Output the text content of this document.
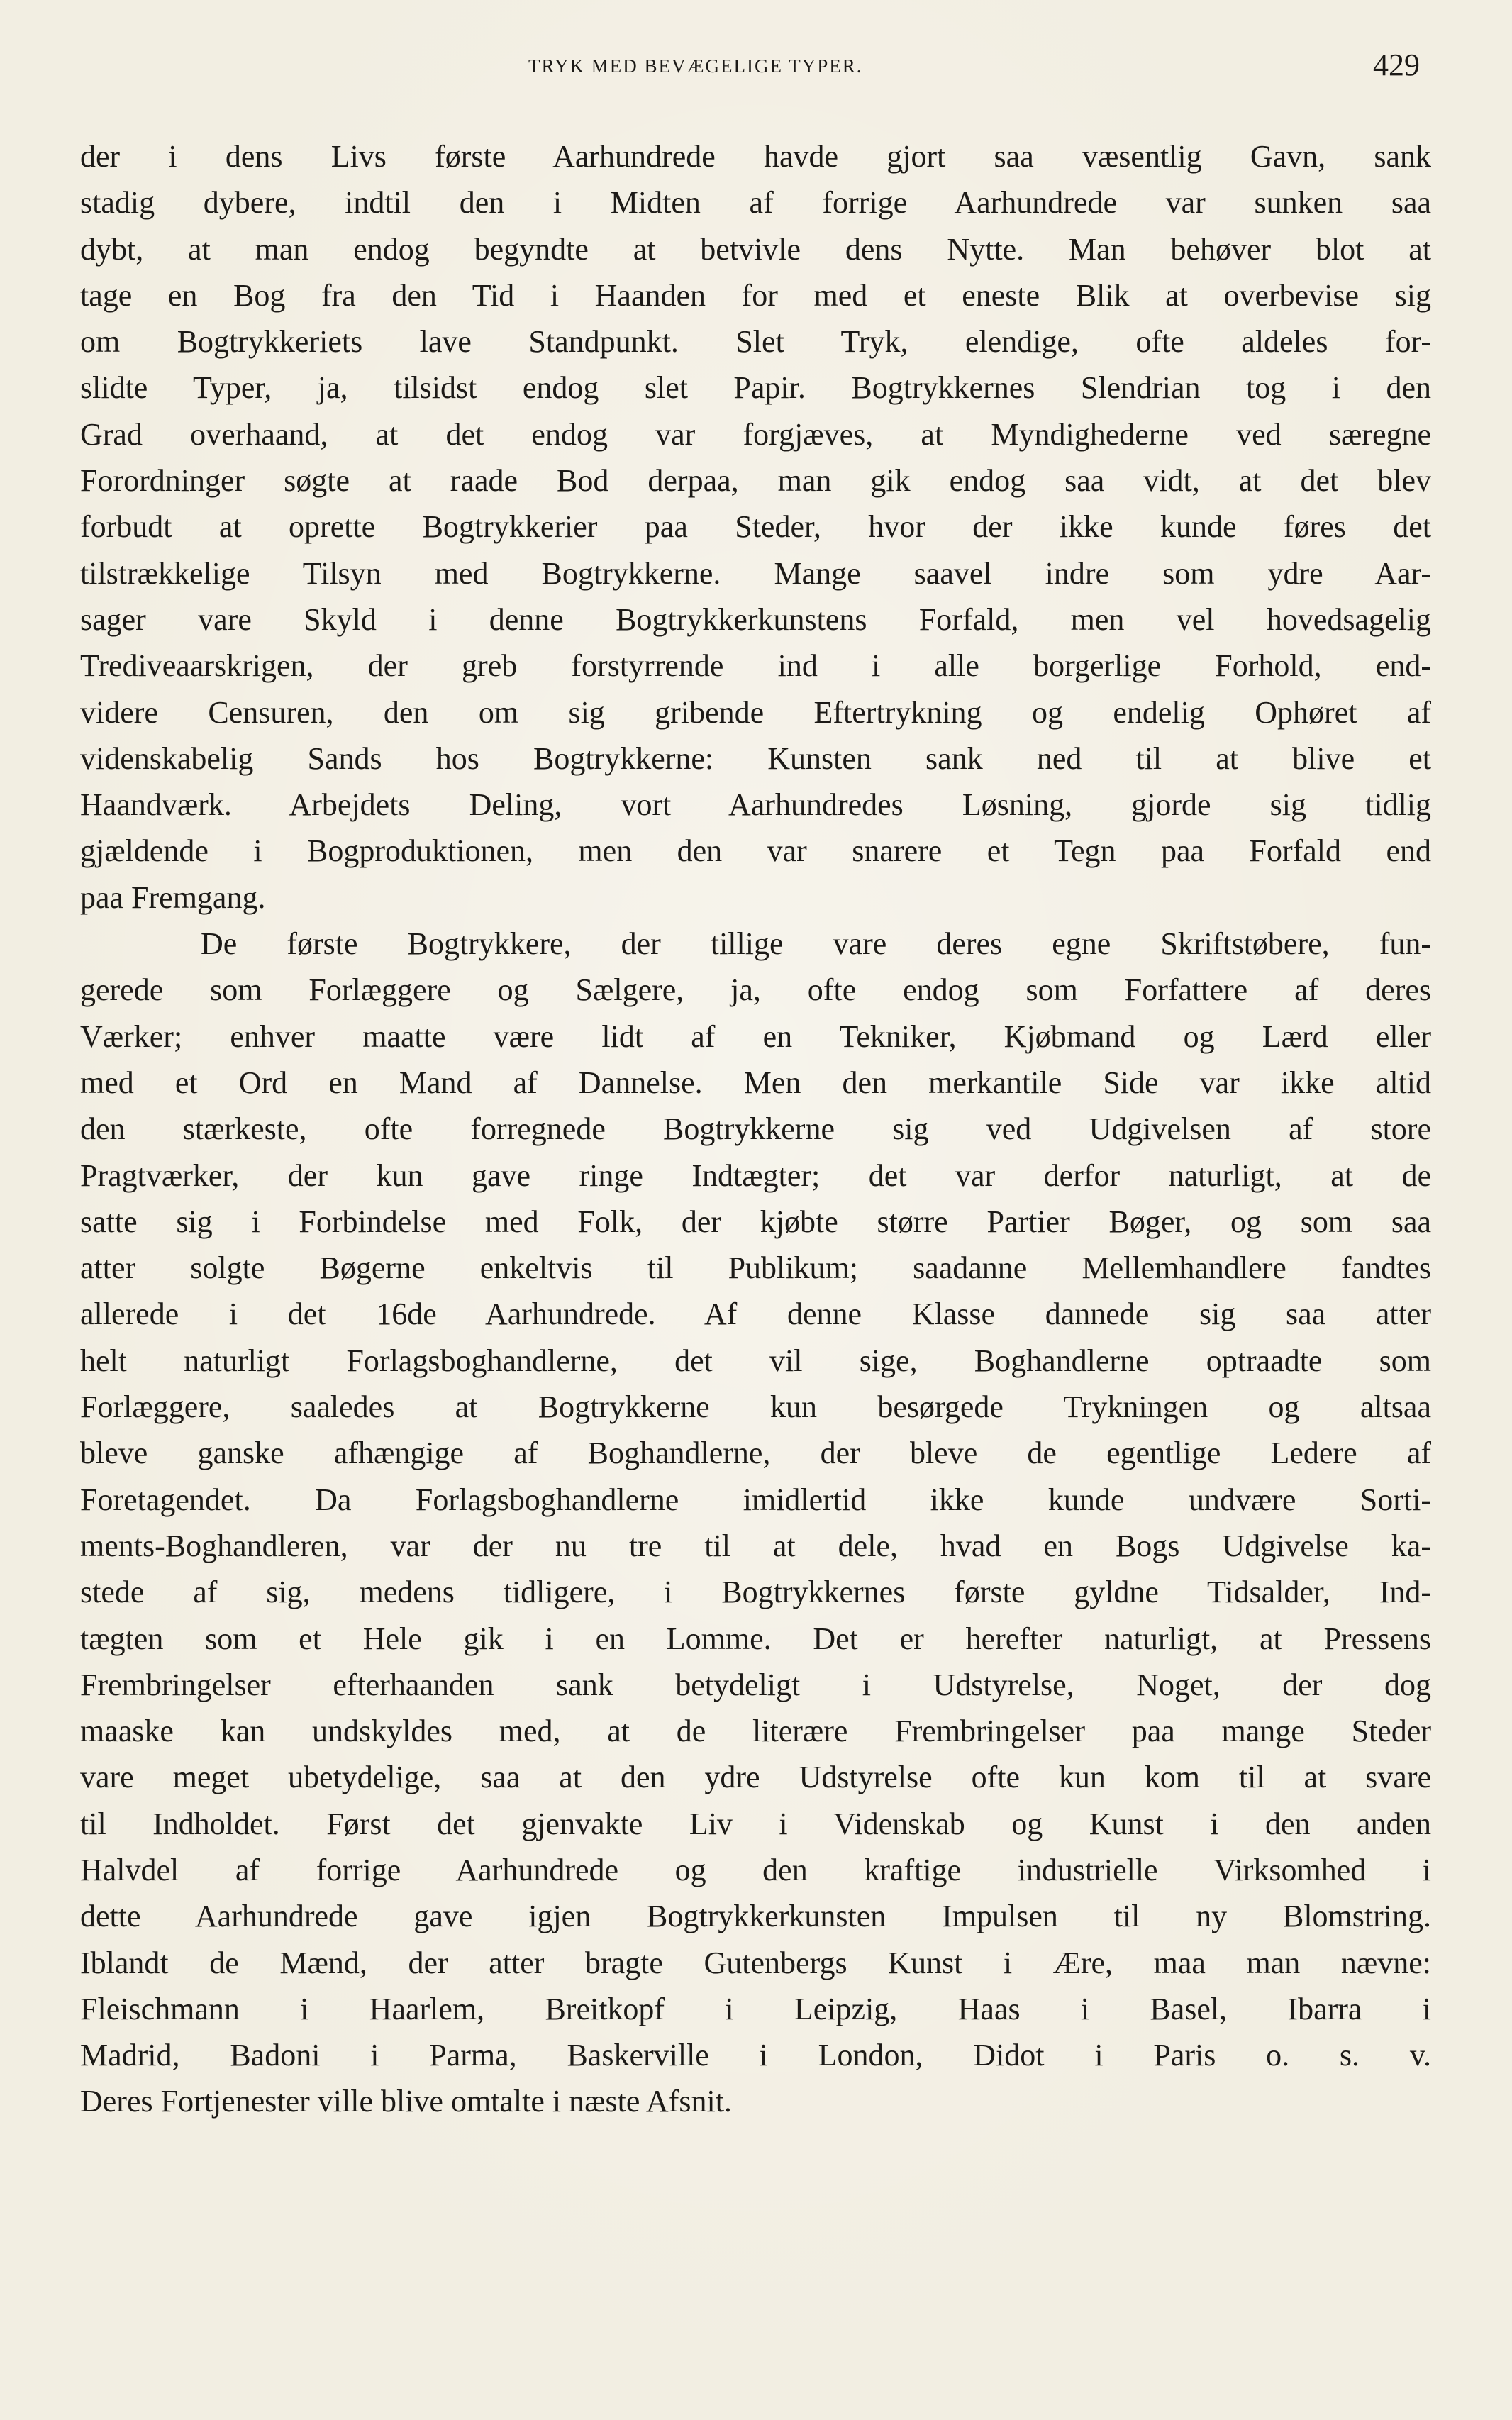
TRYK MED BEVÆGELIGE TYPER.	429
der i dens Livs første Aarhundrede havde gjort saa væsentlig Gavn, sank
stadig dybere, indtil den i Midten af forrige Aarhundrede var sunken saa
dybt, at man endog begyndte at betvivle dens Nytte. Man behøver blot at
tage en Bog fra den Tid i Haanden for med et eneste Blik at overbevise sig
om Bogtrykkeriets lave Standpunkt. Slet Tryk, elendige, ofte aldeles for-
slidte Typer, ja, tilsidst endog slet Papir. Bogtrykkernes Slendrian tog i den
Grad overhaand, at det endog var forgjæves, at Myndighederne ved særegne
Forordninger søgte at raade Bod derpaa, man gik endog saa vidt, at det blev
forbudt at oprette Bogtrykkerier paa Steder, hvor der ikke kunde føres det
tilstrækkelige Tilsyn med Bogtrykkerne. Mange saavel indre som ydre Aar-
sager vare Skyld i denne Bogtrykkerkunstens Forfald, men vel hovedsagelig
Trediveaarskrigen, der greb forstyrrende ind i alle borgerlige Forhold, end-
videre Censuren, den om sig gribende Eftertrykning og endelig Ophøret af
videnskabelig Sands hos Bogtrykkerne: Kunsten sank ned til at blive et
Haandværk. Arbejdets Deling, vort Aarhundredes Løsning, gjorde sig tidlig
gjældende i Bogproduktionen, men den var snarere et Tegn paa Forfald end
paa Fremgang.
De første Bogtrykkere, der tillige vare deres egne Skriftstøbere, fun-
gerede som Forlæggere og Sælgere, ja, ofte endog som Forfattere af deres
Værker; enhver maatte være lidt af en Tekniker, Kjøbmand og Lærd eller
med et Ord en Mand af Dannelse. Men den merkantile Side var ikke altid
den stærkeste, ofte forregnede Bogtrykkerne sig ved Udgivelsen af store
Pragtværker, der kun gave ringe Indtægter; det var derfor naturligt, at de
satte sig i Forbindelse med Folk, der kjøbte større Partier Bøger, og som saa
atter solgte Bøgerne enkeltvis til Publikum; saadanne Mellemhandlere fandtes
allerede i det 16de Aarhundrede. Af denne Klasse dannede sig saa atter
helt naturligt Forlagsboghandlerne, det vil sige, Boghandlerne optraadte som
Forlæggere, saaledes at Bogtrykkerne kun besørgede Trykningen og altsaa
bleve ganske afhængige af Boghandlerne, der bleve de egentlige Ledere af
Foretagendet. Da Forlagsboghandlerne imidlertid ikke kunde undvære Sorti-
ments-Boghandleren, var der nu tre til at dele, hvad en Bogs Udgivelse ka-
stede af sig, medens tidligere, i Bogtrykkernes første gyldne Tidsalder, Ind-
tægten som et Hele gik i en Lomme. Det er herefter naturligt, at Pressens
Frembringelser efterhaanden sank betydeligt i Udstyrelse, Noget, der dog
maaske kan undskyldes med, at de literære Frembringelser paa mange Steder
vare meget ubetydelige, saa at den ydre Udstyrelse ofte kun kom til at svare
til Indholdet. Først det gjenvakte Liv i Videnskab og Kunst i den anden
Halvdel af forrige Aarhundrede og den kraftige industrielle Virksomhed i
dette Aarhundrede gave igjen Bogtrykkerkunsten Impulsen til ny Blomstring.
Iblandt de Mænd, der atter bragte Gutenbergs Kunst i Ære, maa man nævne:
Fleischmann i Haarlem, Breitkopf i Leipzig, Haas i Basel, Ibarra i
Madrid, Badoni i Parma, Baskerville i London, Didot i Paris o. s. v.
Deres Fortjenester ville blive omtalte i næste Afsnit.
